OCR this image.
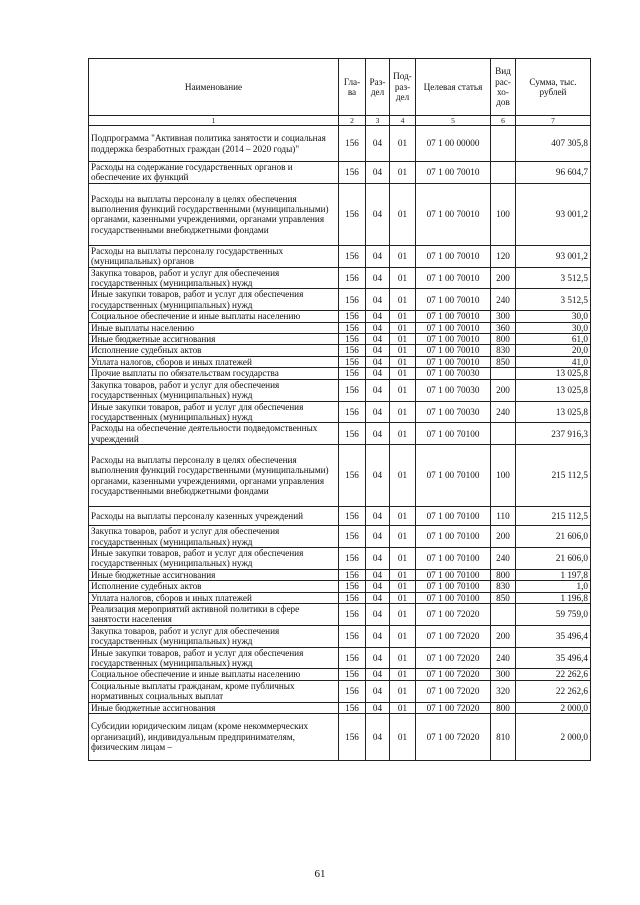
Наименование	Гла-ва	Раз-дел	Под-раз-дел	Целевая статья	Вид рас-хо-дов	Сумма, тыс. рублей
1	2	3	4	5	6	7
Подпрограмма "Активная политика занятости и социальная поддержка безработных граждан (2014 – 2020 годы)"	156	04	01	07 1 00 00000		407 305,8
Расходы на содержание государственных органов и обеспечение их функций	156	04	01	07 1 00 70010		96 604,7
Расходы на выплаты персоналу в целях обеспечения выполнения функций государственными (муниципальными) органами, казенными учреждениями, органами управления государственными внебюджетными фондами	156	04	01	07 1 00 70010	100	93 001,2
Расходы на выплаты персоналу государственных (муниципальных) органов	156	04	01	07 1 00 70010	120	93 001,2
Закупка товаров, работ и услуг для обеспечения государственных (муниципальных) нужд	156	04	01	07 1 00 70010	200	3 512,5
Иные закупки товаров, работ и услуг для обеспечения государственных (муниципальных) нужд	156	04	01	07 1 00 70010	240	3 512,5
Социальное обеспечение и иные выплаты населению	156	04	01	07 1 00 70010	300	30,0
Иные выплаты населению	156	04	01	07 1 00 70010	360	30,0
Иные бюджетные ассигнования	156	04	01	07 1 00 70010	800	61,0
Исполнение судебных актов	156	04	01	07 1 00 70010	830	20,0
Уплата налогов, сборов и иных платежей	156	04	01	07 1 00 70010	850	41,0
Прочие выплаты по обязательствам государства	156	04	01	07 1 00 70030		13 025,8
Закупка товаров, работ и услуг для обеспечения государственных (муниципальных) нужд	156	04	01	07 1 00 70030	200	13 025,8
Иные закупки товаров, работ и услуг для обеспечения государственных (муниципальных) нужд	156	04	01	07 1 00 70030	240	13 025,8
Расходы на обеспечение деятельности подведомственных учреждений	156	04	01	07 1 00 70100		237 916,3
Расходы на выплаты персоналу в целях обеспечения выполнения функций государственными (муниципальными) органами, казенными учреждениями, органами управления государственными внебюджетными фондами	156	04	01	07 1 00 70100	100	215 112,5
Расходы на выплаты персоналу казенных учреждений	156	04	01	07 1 00 70100	110	215 112,5
Закупка товаров, работ и услуг для обеспечения государственных (муниципальных) нужд	156	04	01	07 1 00 70100	200	21 606,0
Иные закупки товаров, работ и услуг для обеспечения государственных (муниципальных) нужд	156	04	01	07 1 00 70100	240	21 606,0
Иные бюджетные ассигнования	156	04	01	07 1 00 70100	800	1 197,8
Исполнение судебных актов	156	04	01	07 1 00 70100	830	1,0
Уплата налогов, сборов и иных платежей	156	04	01	07 1 00 70100	850	1 196,8
Реализация мероприятий активной политики в сфере занятости населения	156	04	01	07 1 00 72020		59 759,0
Закупка товаров, работ и услуг для обеспечения государственных (муниципальных) нужд	156	04	01	07 1 00 72020	200	35 496,4
Иные закупки товаров, работ и услуг для обеспечения государственных (муниципальных) нужд	156	04	01	07 1 00 72020	240	35 496,4
Социальное обеспечение и иные выплаты населению	156	04	01	07 1 00 72020	300	22 262,6
Социальные выплаты гражданам, кроме публичных нормативных социальных выплат	156	04	01	07 1 00 72020	320	22 262,6
Иные бюджетные ассигнования	156	04	01	07 1 00 72020	800	2 000,0
Субсидии юридическим лицам (кроме некоммерческих организаций), индивидуальным предпринимателям, физическим лицам –	156	04	01	07 1 00 72020	810	2 000,0
61
